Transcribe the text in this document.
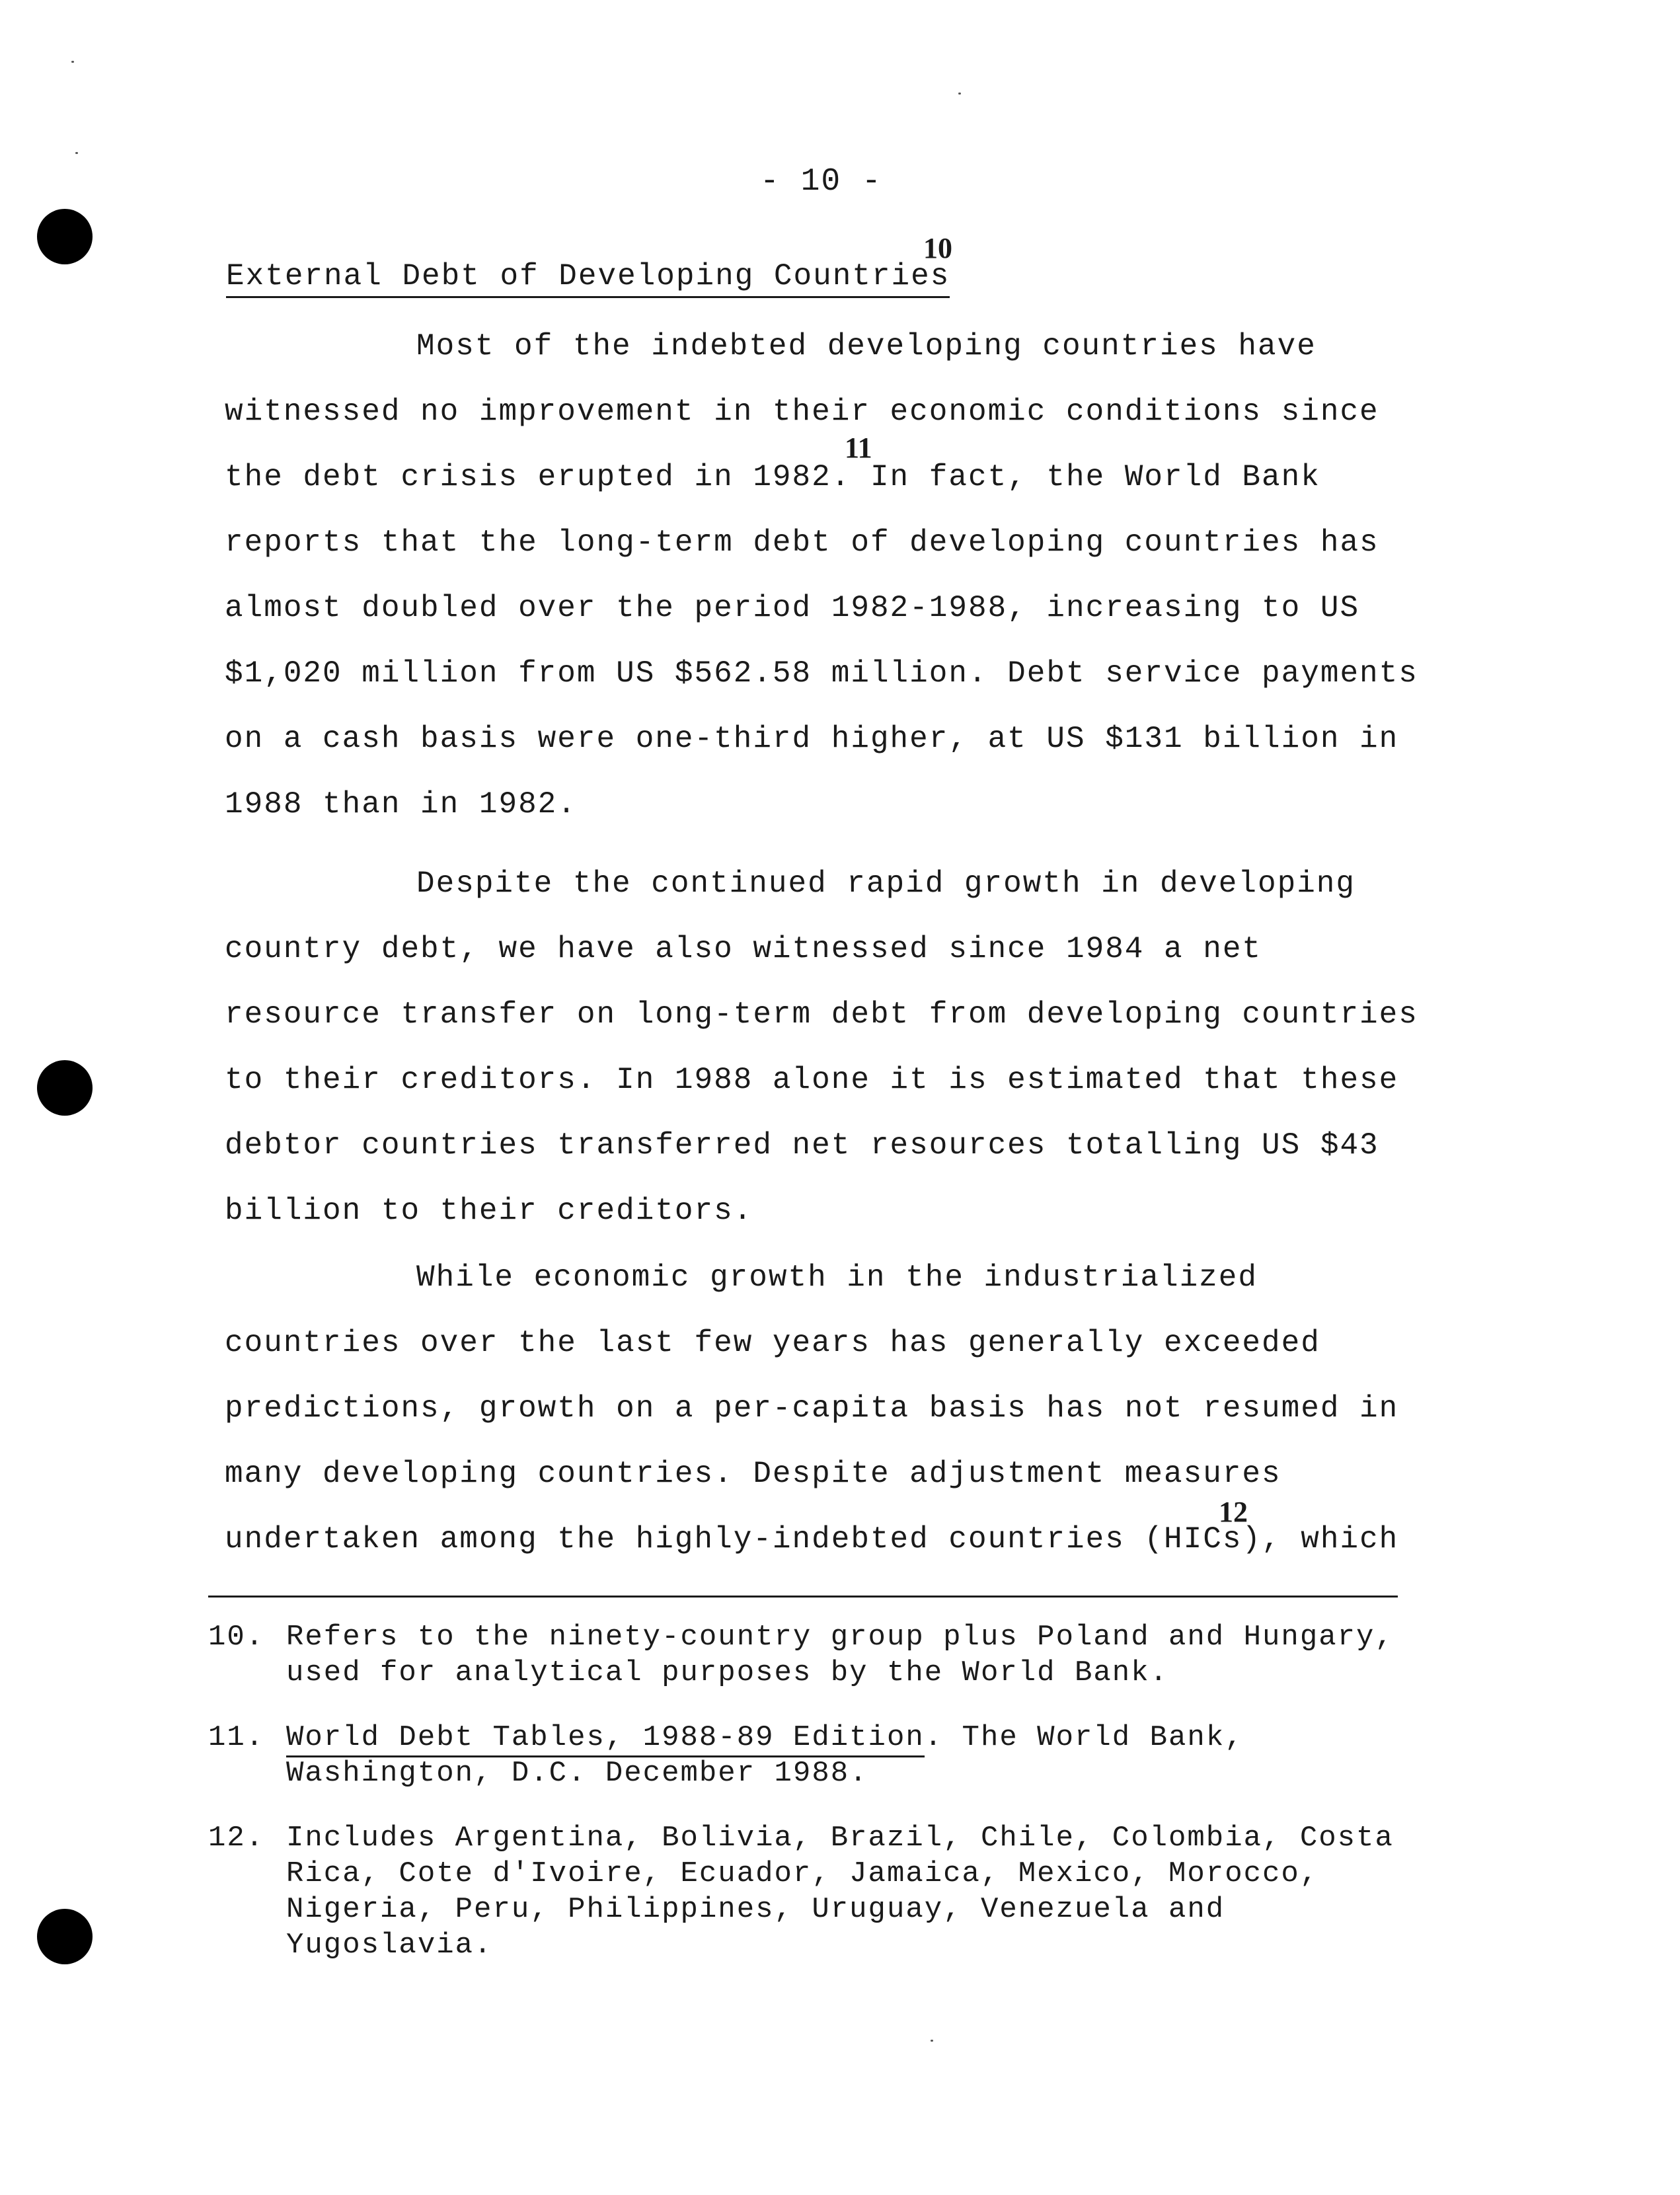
- 10 -
10
External Debt of Developing Countries
Most of the indebted developing countries have witnessed no improvement in their economic conditions since the debt crisis erupted in 1982. In fact, the World Bank reports that the long-term debt of developing countries has almost doubled over the period 1982-1988, increasing to US $1,020 million from US $562.58 million. Debt service payments on a cash basis were one-third higher, at US $131 billion in 1988 than in 1982.
11
Despite the continued rapid growth in developing country debt, we have also witnessed since 1984 a net resource transfer on long-term debt from developing countries to their creditors. In 1988 alone it is estimated that these debtor countries transferred net resources totalling US $43 billion to their creditors.
While economic growth in the industrialized countries over the last few years has generally exceeded predictions, growth on a per-capita basis has not resumed in many developing countries. Despite adjustment measures undertaken among the highly-indebted countries (HICs), which
12
10. Refers to the ninety-country group plus Poland and Hungary, used for analytical purposes by the World Bank.
11. World Debt Tables, 1988-89 Edition. The World Bank, Washington, D.C. December 1988.
12. Includes Argentina, Bolivia, Brazil, Chile, Colombia, Costa Rica, Cote d'Ivoire, Ecuador, Jamaica, Mexico, Morocco, Nigeria, Peru, Philippines, Uruguay, Venezuela and Yugoslavia.
